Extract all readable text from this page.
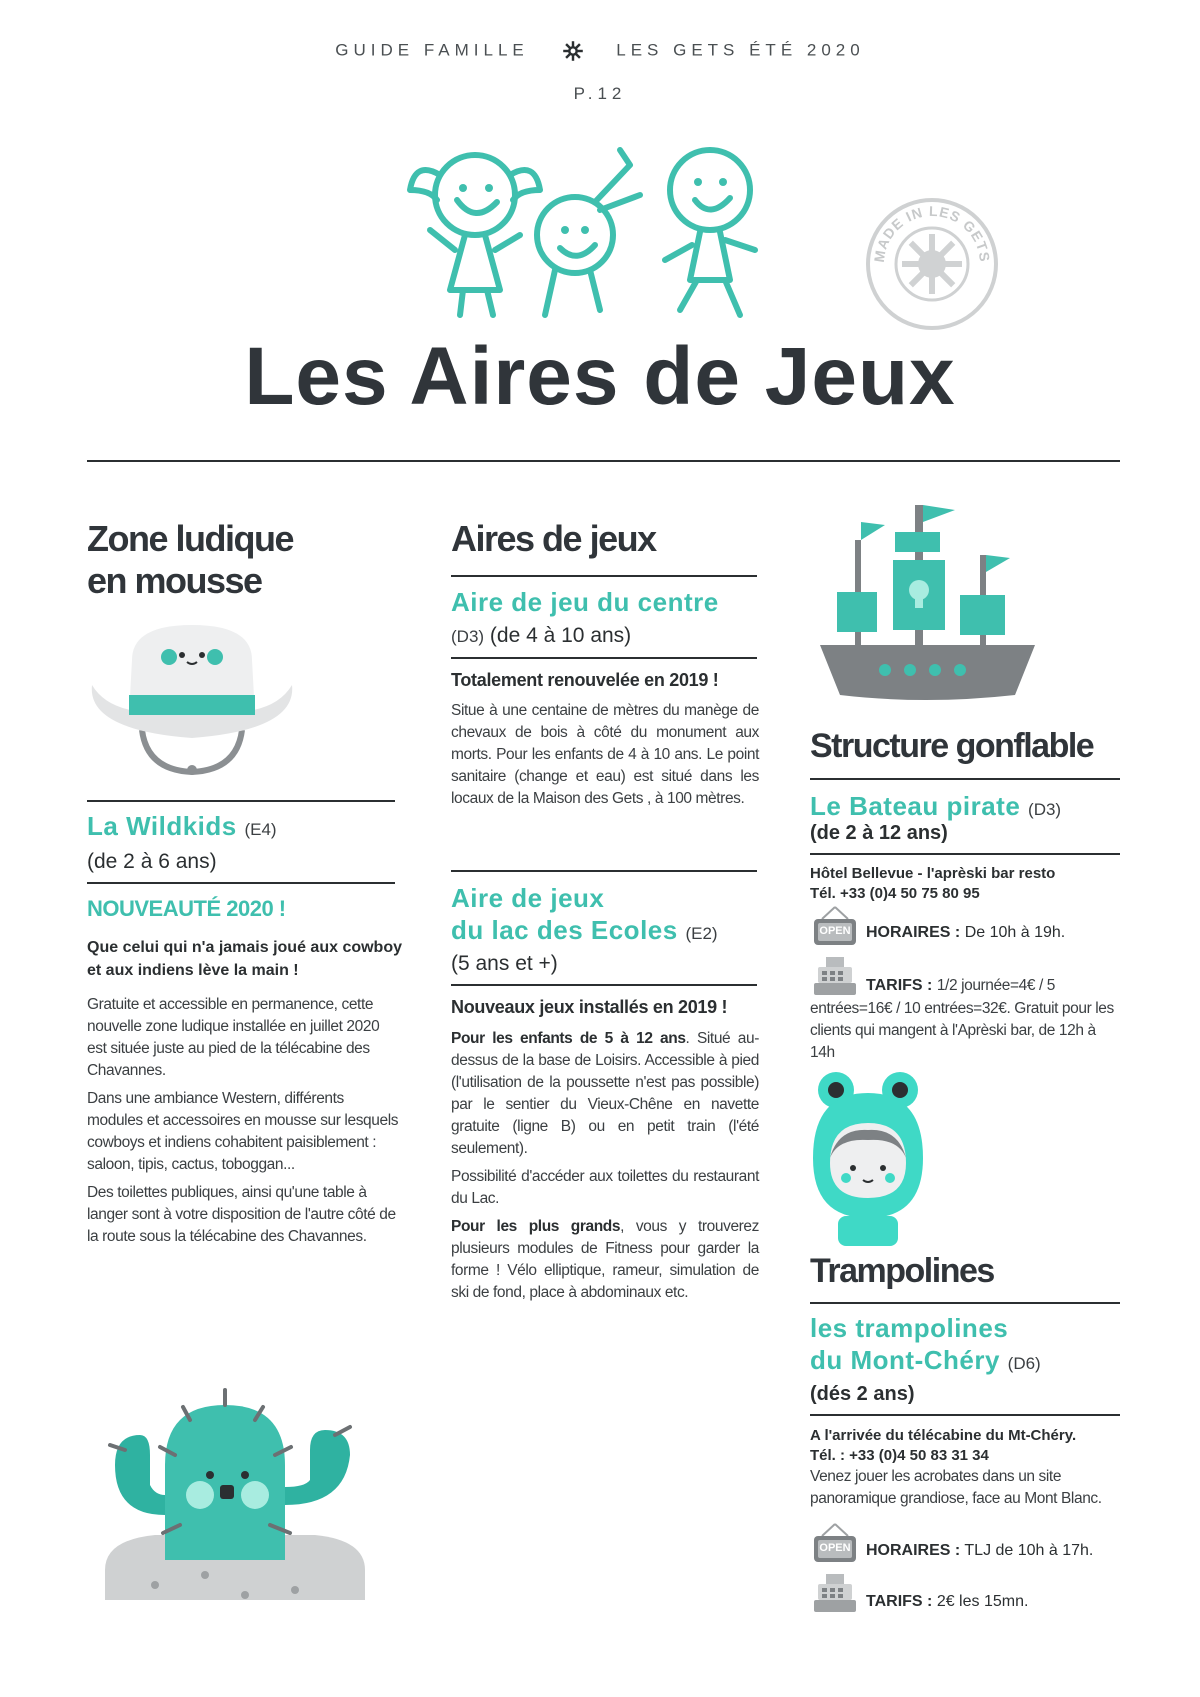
GUIDE FAMILLE	LES GETS ÉTÉ 2020
P.12
MADE IN LES GETS
Les Aires de Jeux
Zone ludique
en mousse
La Wildkids (E4)
(de 2 à 6 ans)
NOUVEAUTÉ 2020 !
Que celui qui n'a jamais joué aux cowboy
et aux indiens lève la main !

Gratuite et accessible en permanence, cette nouvelle zone ludique installée en juillet 2020 est située juste au pied de la télécabine des Chavannes.

Dans une ambiance Western, différents modules et accessoires en mousse sur lesquels cowboys et indiens cohabitent paisiblement : saloon, tipis, cactus, toboggan...

Des toilettes publiques, ainsi qu'une table à langer sont à votre disposition de l'autre côté de la route sous la télécabine des Chavannes.

Aires de jeux
Aire de jeu du centre
(D3) (de 4 à 10 ans)
Totalement renouvelée en 2019 !

Situe à une centaine de mètres du manège de chevaux de bois à côté du monument aux morts. Pour les enfants de 4 à 10 ans. Le point sanitaire (change et eau) est situé dans les locaux de la Maison des Gets , à 100 mètres.

Aire de jeux
du lac des Ecoles (E2)
(5 ans et +)
Nouveaux jeux installés en 2019 !

Pour les enfants de 5 à 12 ans. Situé au-dessus de la base de Loisirs. Accessible à pied (l'utilisation de la poussette n'est pas possible) par le sentier du Vieux-Chêne en navette gratuite (ligne B) ou en petit train (l'été seulement).

Possibilité d'accéder aux toilettes du restaurant du Lac.

Pour les plus grands, vous y trouverez plusieurs modules de Fitness pour garder la forme ! Vélo elliptique, rameur, simulation de ski de fond, place à abdominaux etc.

Structure gonflable
Le Bateau pirate (D3)
(de 2 à 12 ans)
Hôtel Bellevue - l'aprèski bar resto
Tél. +33 (0)4 50 75 80 95
OPEN HORAIRES : De 10h à 19h.
TARIFS : 1/2 journée=4€ / 5
entrées=16€ / 10 entrées=32€. Gratuit pour les clients qui mangent à l'Aprèski bar, de 12h à 14h
Trampolines
les trampolines
du Mont-Chéry (D6)
(dés 2 ans)
A l'arrivée du télécabine du Mt-Chéry.
Tél. : +33 (0)4 50 83 31 34
Venez jouer les acrobates dans un site panoramique grandiose, face au Mont Blanc.
OPEN HORAIRES : TLJ de 10h à 17h.
TARIFS : 2€ les 15mn.
